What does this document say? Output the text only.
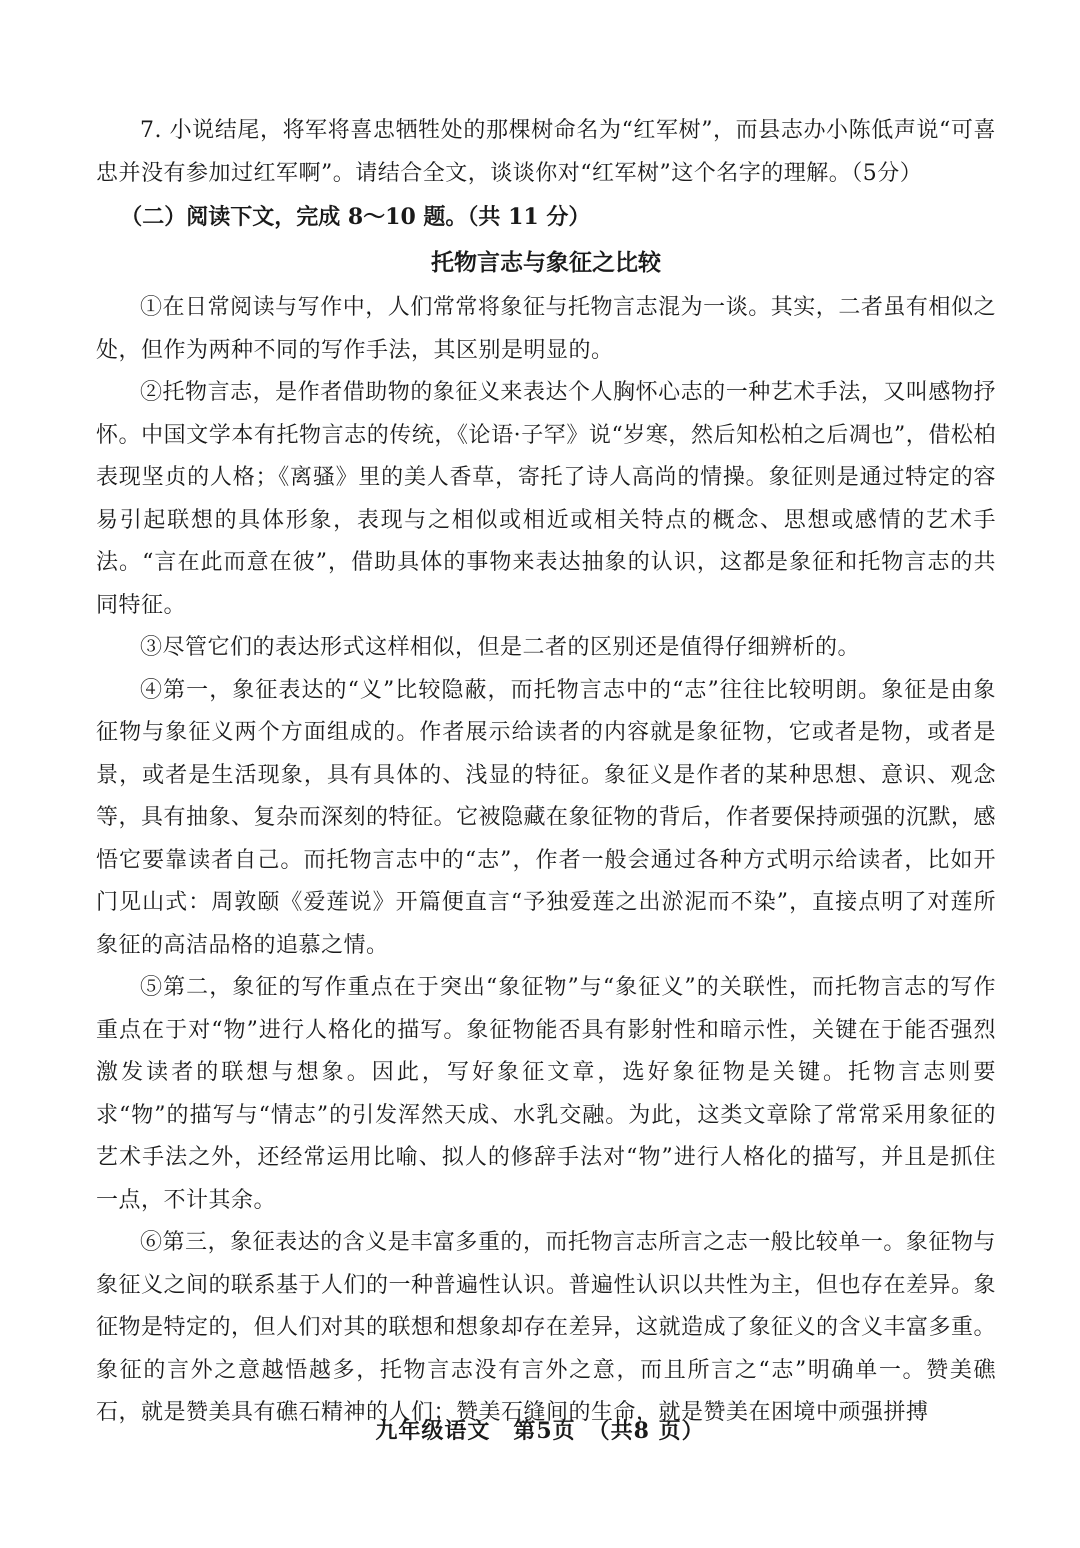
7. 小说结尾，将军将喜忠牺牲处的那棵树命名为“红军树”，而县志办小陈低声说“可喜忠并没有参加过红军啊”。请结合全文，谈谈你对“红军树”这个名字的理解。（5分）

（二）阅读下文，完成 8～10 题。（共 11 分）

托物言志与象征之比较

①在日常阅读与写作中，人们常常将象征与托物言志混为一谈。其实，二者虽有相似之处，但作为两种不同的写作手法，其区别是明显的。

②托物言志，是作者借助物的象征义来表达个人胸怀心志的一种艺术手法，又叫感物抒怀。中国文学本有托物言志的传统，《论语·子罕》说“岁寒，然后知松柏之后凋也”，借松柏表现坚贞的人格；《离骚》里的美人香草，寄托了诗人高尚的情操。象征则是通过特定的容易引起联想的具体形象，表现与之相似或相近或相关特点的概念、思想或感情的艺术手法。“言在此而意在彼”，借助具体的事物来表达抽象的认识，这都是象征和托物言志的共同特征。

③尽管它们的表达形式这样相似，但是二者的区别还是值得仔细辨析的。

④第一，象征表达的“义”比较隐蔽，而托物言志中的“志”往往比较明朗。象征是由象征物与象征义两个方面组成的。作者展示给读者的内容就是象征物，它或者是物，或者是景，或者是生活现象，具有具体的、浅显的特征。象征义是作者的某种思想、意识、观念等，具有抽象、复杂而深刻的特征。它被隐藏在象征物的背后，作者要保持顽强的沉默，感悟它要靠读者自己。而托物言志中的“志”，作者一般会通过各种方式明示给读者，比如开门见山式：周敦颐《爱莲说》开篇便直言“予独爱莲之出淤泥而不染”，直接点明了对莲所象征的高洁品格的追慕之情。

⑤第二，象征的写作重点在于突出“象征物”与“象征义”的关联性，而托物言志的写作重点在于对“物”进行人格化的描写。象征物能否具有影射性和暗示性，关键在于能否强烈激发读者的联想与想象。因此，写好象征文章，选好象征物是关键。托物言志则要求“物”的描写与“情志”的引发浑然天成、水乳交融。为此，这类文章除了常常采用象征的艺术手法之外，还经常运用比喻、拟人的修辞手法对“物”进行人格化的描写，并且是抓住一点，不计其余。

⑥第三，象征表达的含义是丰富多重的，而托物言志所言之志一般比较单一。象征物与象征义之间的联系基于人们的一种普遍性认识。普遍性认识以共性为主，但也存在差异。象征物是特定的，但人们对其的联想和想象却存在差异，这就造成了象征义的含义丰富多重。象征的言外之意越悟越多，托物言志没有言外之意，而且所言之“志”明确单一。赞美礁石，就是赞美具有礁石精神的人们；赞美石缝间的生命，就是赞美在困境中顽强拼搏

九年级语文　第5页　（共8 页）
